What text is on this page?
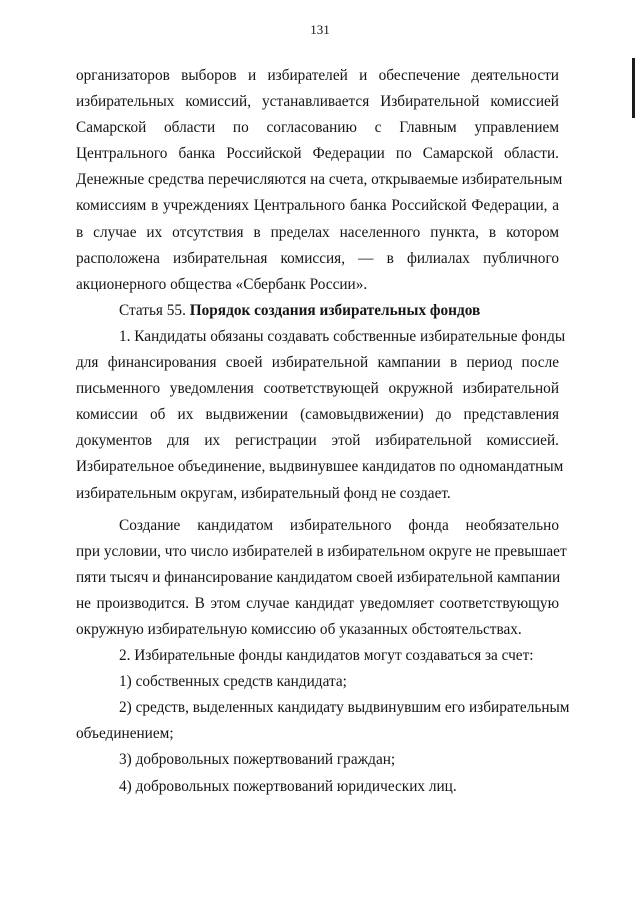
131

организаторов выборов и избирателей и обеспечение деятельности
избирательных комиссий, устанавливается Избирательной комиссией
Самарской области по согласованию с Главным управлением
Центрального банка Российской Федерации по Самарской области.
Денежные средства перечисляются на счета, открываемые избирательным
комиссиям в учреждениях Центрального банка Российской Федерации, а
в случае их отсутствия в пределах населенного пункта, в котором
расположена избирательная комиссия, — в филиалах публичного
акционерного общества «Сбербанк России».

Статья 55. Порядок создания избирательных фондов

1. Кандидаты обязаны создавать собственные избирательные фонды
для финансирования своей избирательной кампании в период после
письменного уведомления соответствующей окружной избирательной
комиссии об их выдвижении (самовыдвижении) до представления
документов для их регистрации этой избирательной комиссией.
Избирательное объединение, выдвинувшее кандидатов по одномандатным
избирательным округам, избирательный фонд не создает.

Создание кандидатом избирательного фонда необязательно
при условии, что число избирателей в избирательном округе не превышает
пяти тысяч и финансирование кандидатом своей избирательной кампании
не производится. В этом случае кандидат уведомляет соответствующую
окружную избирательную комиссию об указанных обстоятельствах.

2. Избирательные фонды кандидатов могут создаваться за счет:

1) собственных средств кандидата;

2) средств, выделенных кандидату выдвинувшим его избирательным
объединением;

3) добровольных пожертвований граждан;

4) добровольных пожертвований юридических лиц.
